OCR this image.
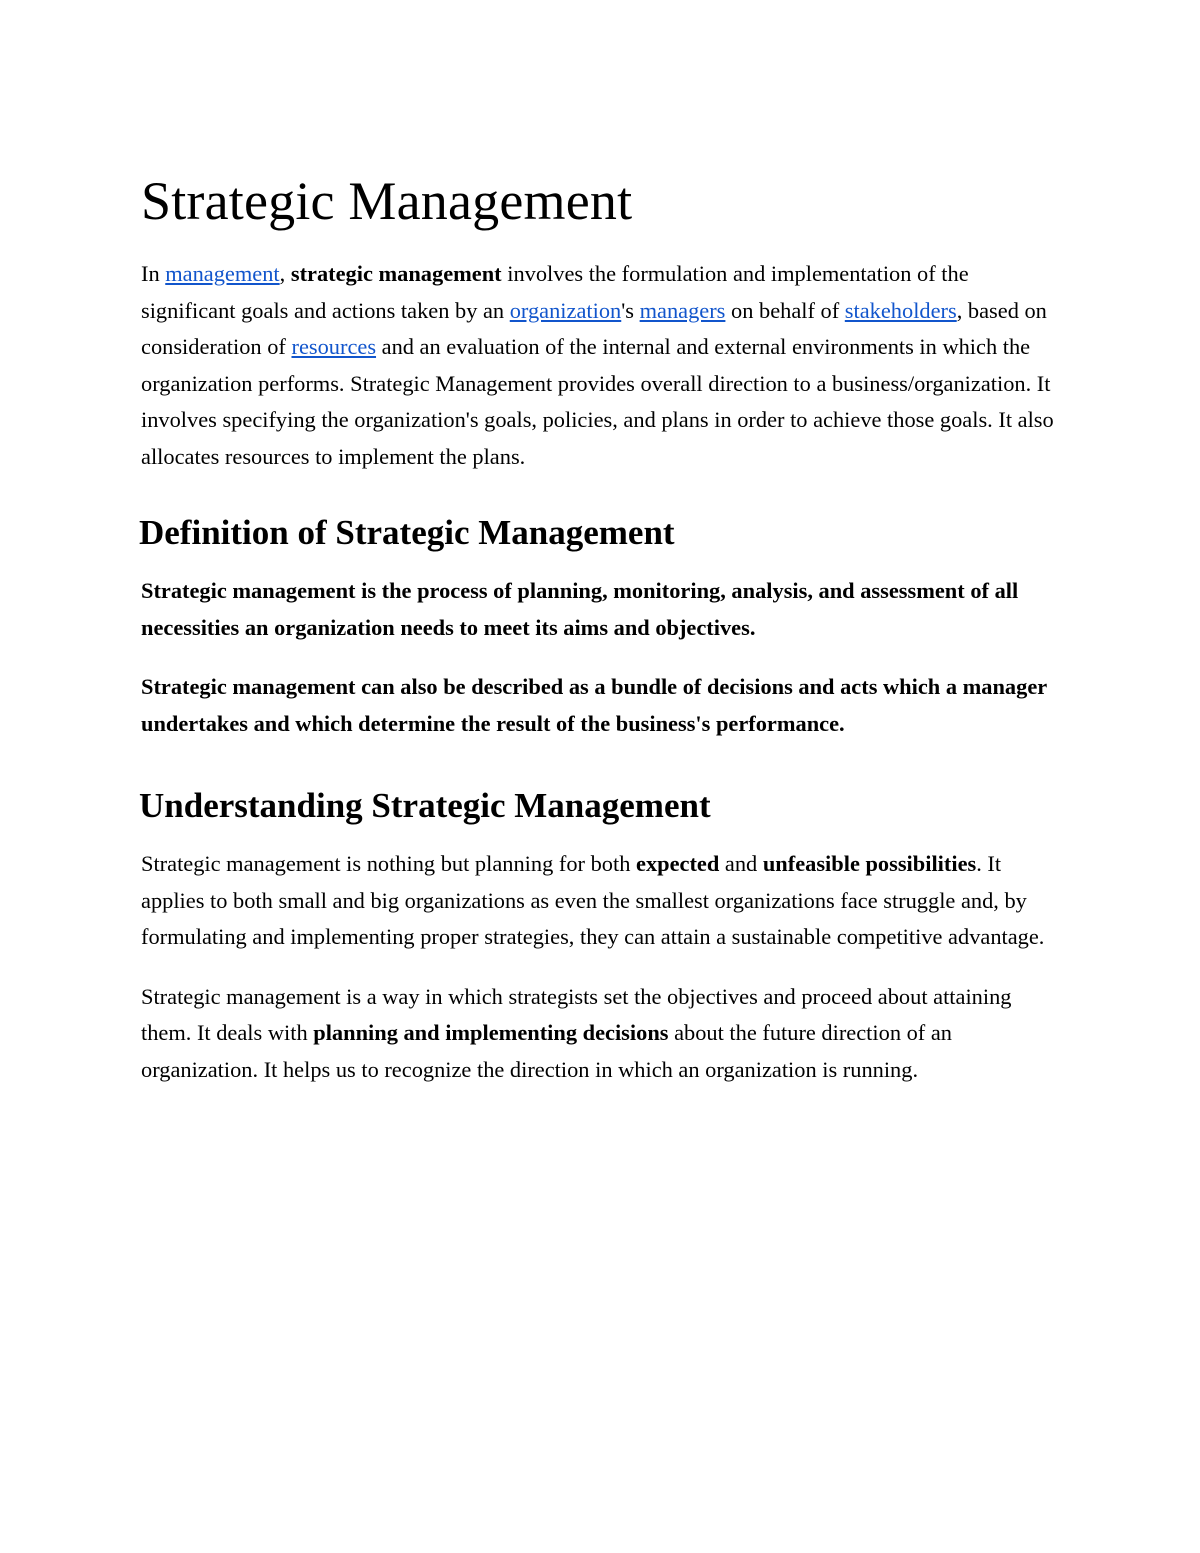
Strategic Management

In management, strategic management involves the formulation and implementation of the significant goals and actions taken by an organization's managers on behalf of stakeholders, based on consideration of resources and an evaluation of the internal and external environments in which the organization performs. Strategic Management provides overall direction to a business/organization. It involves specifying the organization's goals, policies, and plans in order to achieve those goals. It also allocates resources to implement the plans.

Definition of Strategic Management

Strategic management is the process of planning, monitoring, analysis, and assessment of all necessities an organization needs to meet its aims and objectives.

Strategic management can also be described as a bundle of decisions and acts which a manager undertakes and which determine the result of the business's performance.

Understanding Strategic Management

Strategic management is nothing but planning for both expected and unfeasible possibilities. It applies to both small and big organizations as even the smallest organizations face struggle and, by formulating and implementing proper strategies, they can attain a sustainable competitive advantage.

Strategic management is a way in which strategists set the objectives and proceed about attaining them. It deals with planning and implementing decisions about the future direction of an organization. It helps us to recognize the direction in which an organization is running.
